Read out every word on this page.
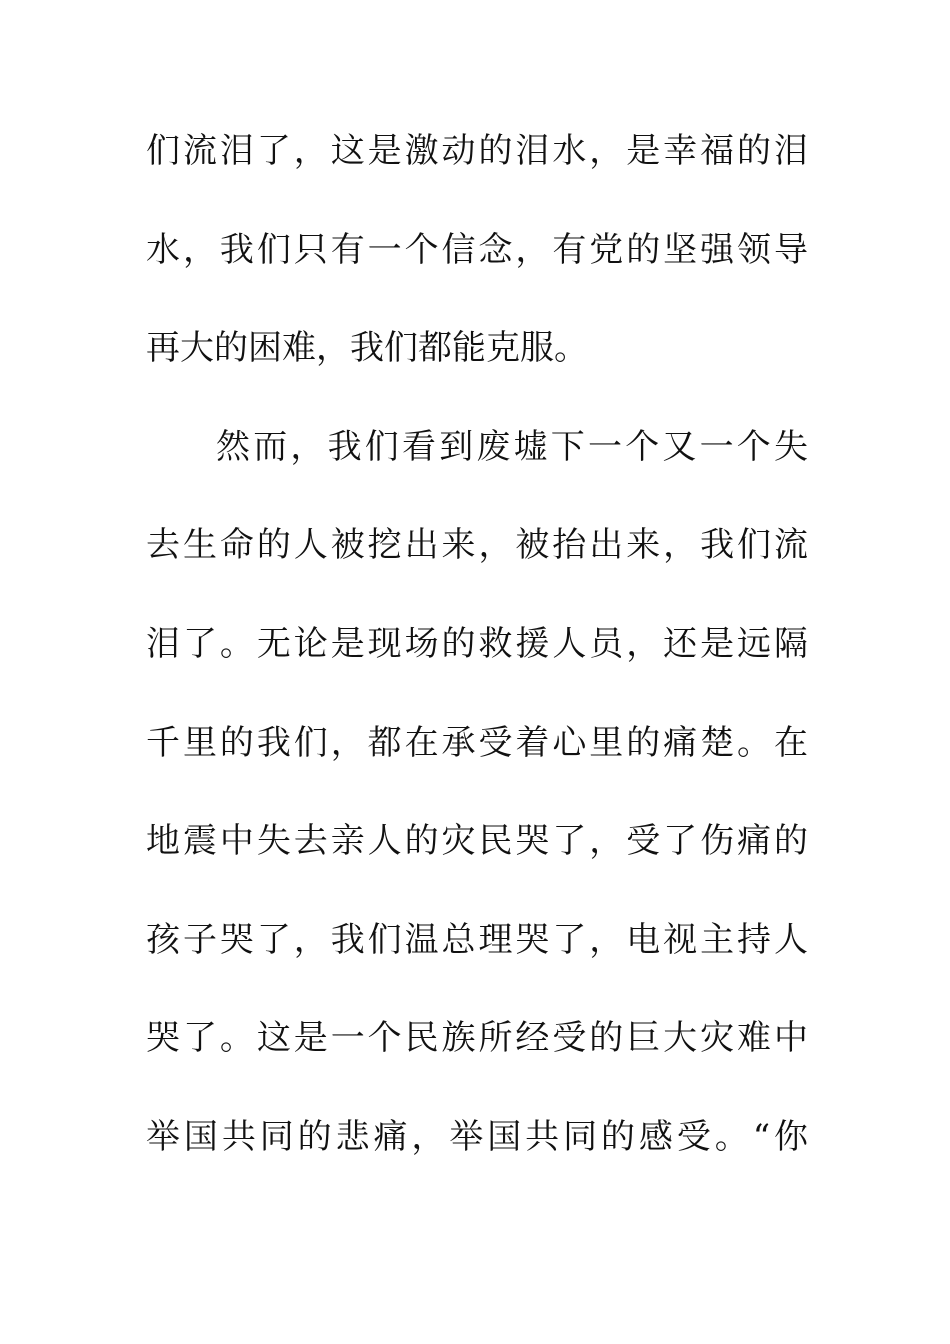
们流泪了，这是激动的泪水，是幸福的泪
水，我们只有一个信念，有党的坚强领导
再大的困难，我们都能克服。
然而，我们看到废墟下一个又一个失
去生命的人被挖出来，被抬出来，我们流
泪了。无论是现场的救援人员，还是远隔
千里的我们，都在承受着心里的痛楚。在
地震中失去亲人的灾民哭了，受了伤痛的
孩子哭了，我们温总理哭了，电视主持人
哭了。这是一个民族所经受的巨大灾难中
举国共同的悲痛，举国共同的感受。“你
